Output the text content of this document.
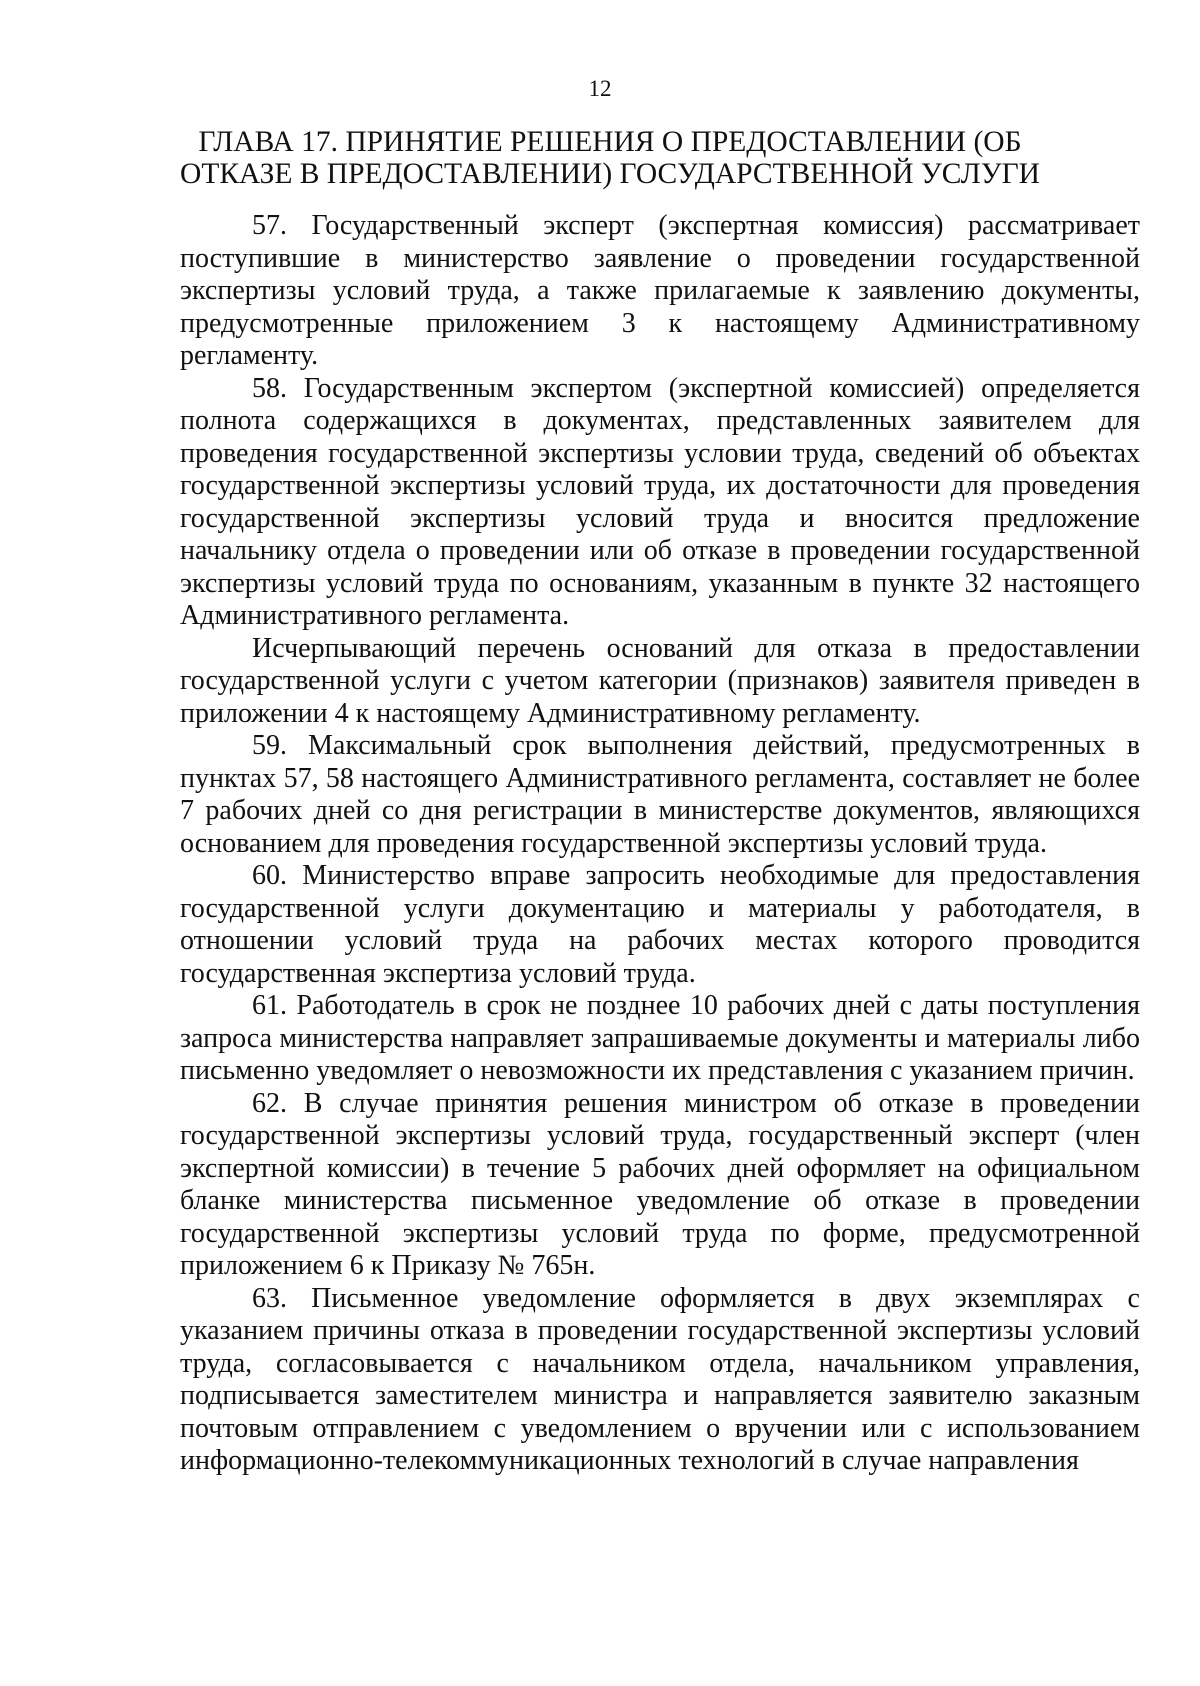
12
ГЛАВА 17. ПРИНЯТИЕ РЕШЕНИЯ О ПРЕДОСТАВЛЕНИИ (ОБ ОТКАЗЕ В ПРЕДОСТАВЛЕНИИ) ГОСУДАРСТВЕННОЙ УСЛУГИ

57. Государственный эксперт (экспертная комиссия) рассматривает поступившие в министерство заявление о проведении государственной экспертизы условий труда, а также прилагаемые к заявлению документы, предусмотренные приложением 3 к настоящему Административному регламенту.

58. Государственным экспертом (экспертной комиссией) определяется полнота содержащихся в документах, представленных заявителем для проведения государственной экспертизы условии труда, сведений об объектах государственной экспертизы условий труда, их достаточности для проведения государственной экспертизы условий труда и вносится предложение начальнику отдела о проведении или об отказе в проведении государственной экспертизы условий труда по основаниям, указанным в пункте 32 настоящего Административного регламента.

Исчерпывающий перечень оснований для отказа в предоставлении государственной услуги с учетом категории (признаков) заявителя приведен в приложении 4 к настоящему Административному регламенту.

59. Максимальный срок выполнения действий, предусмотренных в пунктах 57, 58 настоящего Административного регламента, составляет не более 7 рабочих дней со дня регистрации в министерстве документов, являющихся основанием для проведения государственной экспертизы условий труда.

60. Министерство вправе запросить необходимые для предоставления государственной услуги документацию и материалы у работодателя, в отношении условий труда на рабочих местах которого проводится государственная экспертиза условий труда.

61. Работодатель в срок не позднее 10 рабочих дней с даты поступления запроса министерства направляет запрашиваемые документы и материалы либо письменно уведомляет о невозможности их представления с указанием причин.

62. В случае принятия решения министром об отказе в проведении государственной экспертизы условий труда, государственный эксперт (член экспертной комиссии) в течение 5 рабочих дней оформляет на официальном бланке министерства письменное уведомление об отказе в проведении государственной экспертизы условий труда по форме, предусмотренной приложением 6 к Приказу № 765н.

63. Письменное уведомление оформляется в двух экземплярах с указанием причины отказа в проведении государственной экспертизы условий труда, согласовывается с начальником отдела, начальником управления, подписывается заместителем министра и направляется заявителю заказным почтовым отправлением с уведомлением о вручении или с использованием информационно-телекоммуникационных технологий в случае направления
